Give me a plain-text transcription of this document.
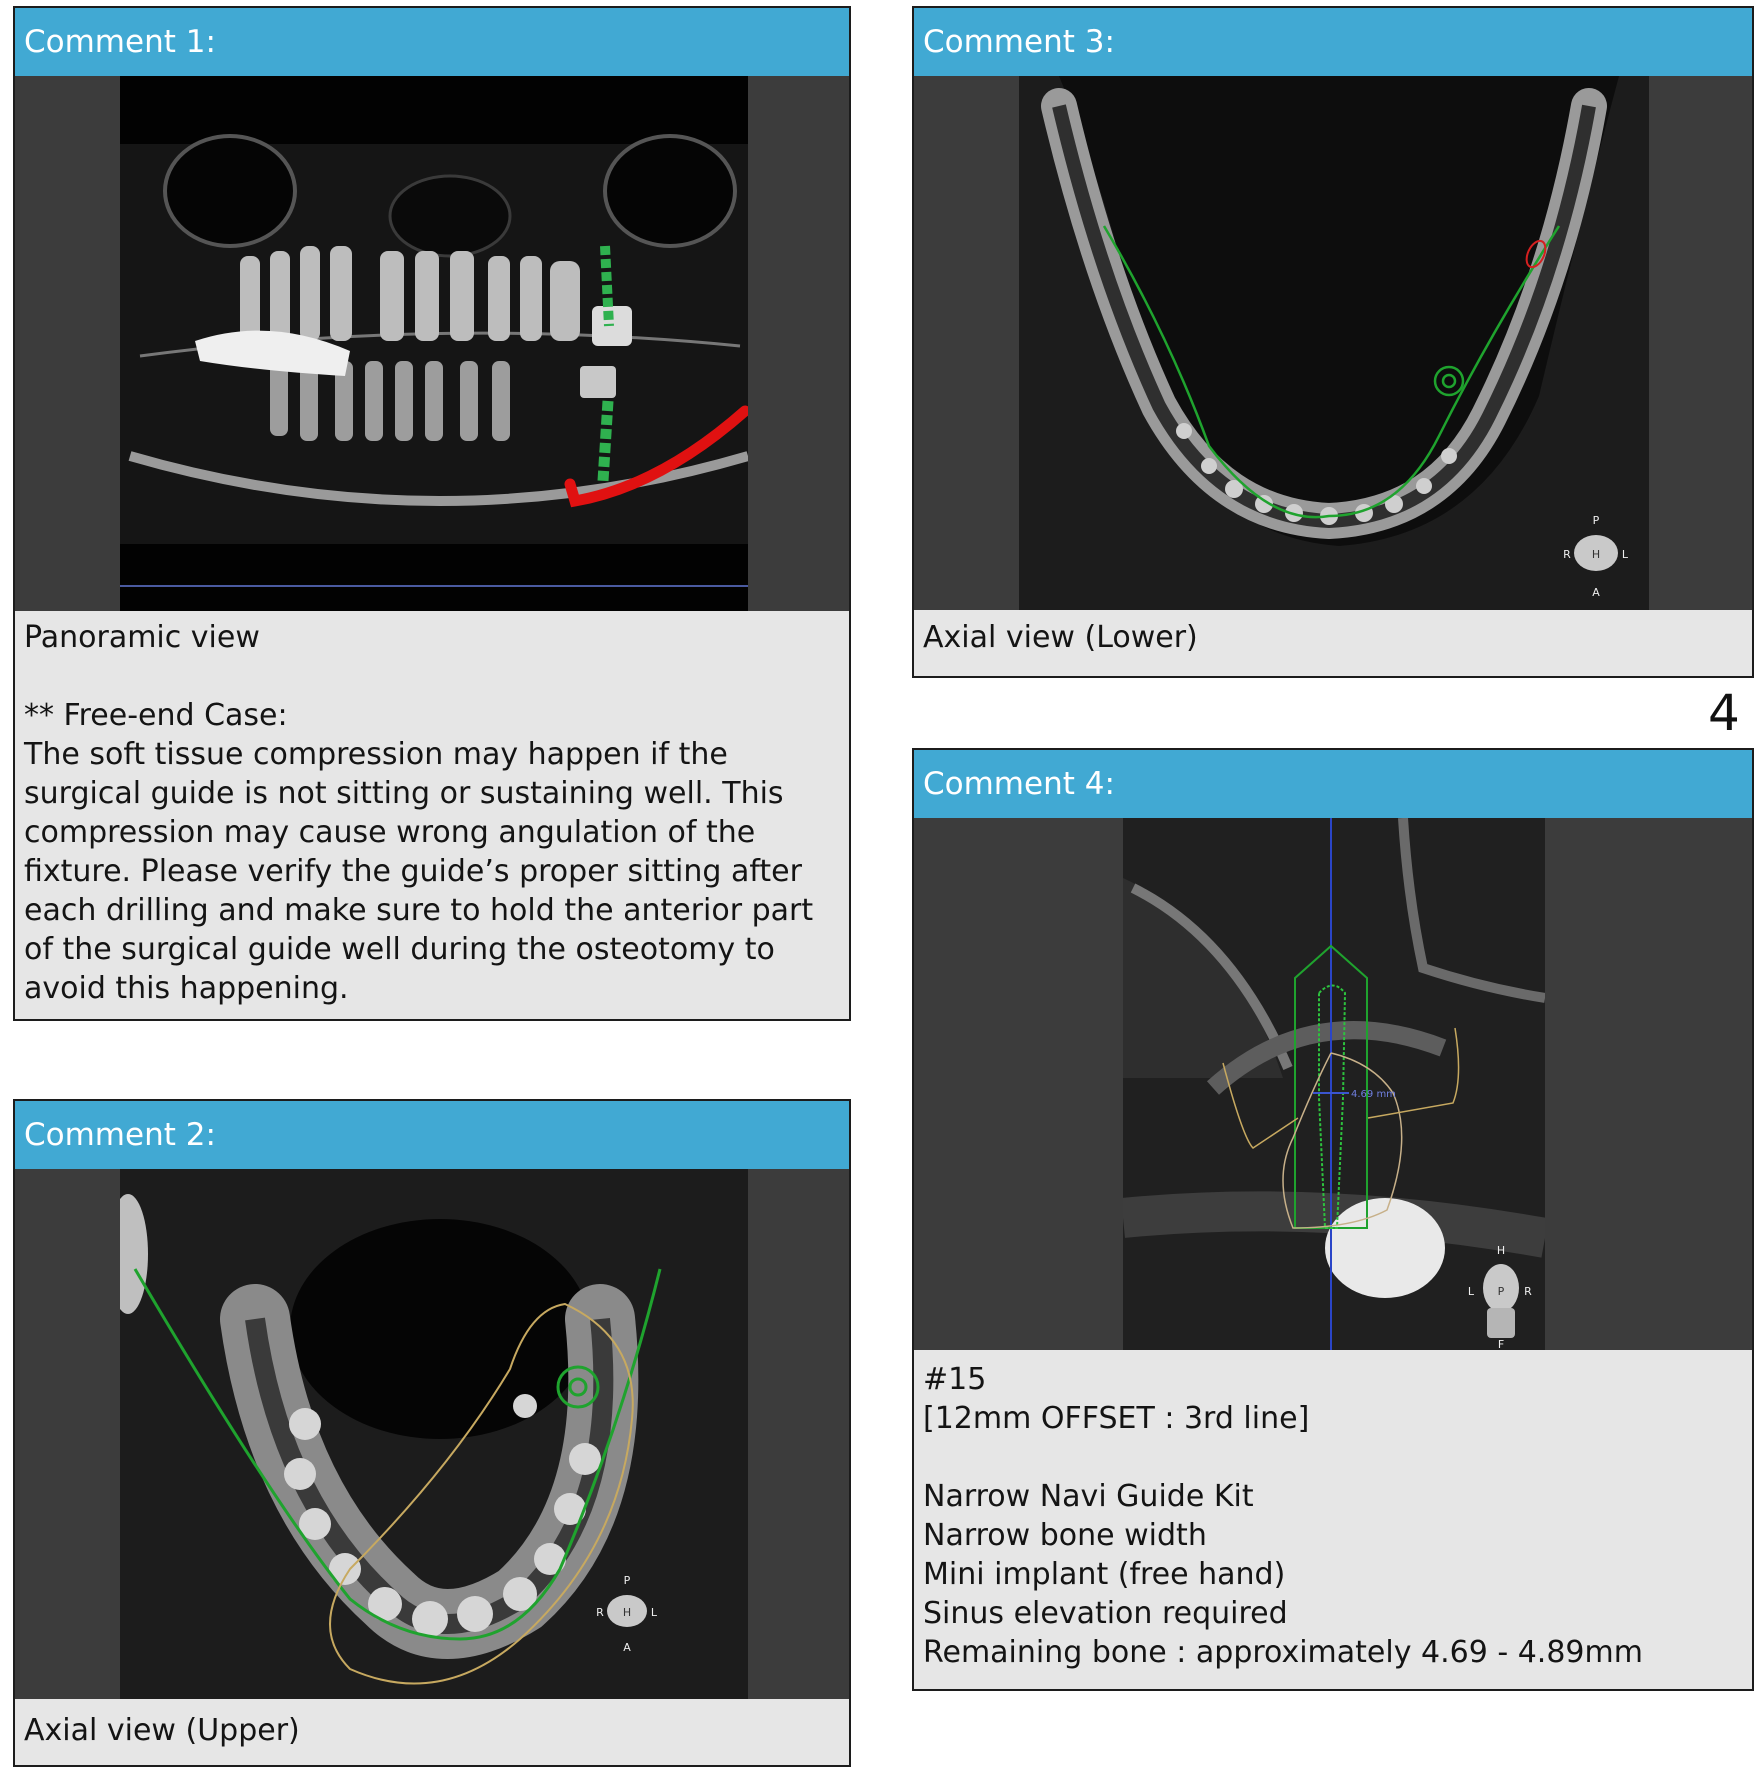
Comment 1:

Panoramic view

** Free-end Case:

The soft tissue compression may happen if the surgical guide is not sitting or sustaining well. This compression may cause wrong angulation of the fixture. Please verify the guide’s proper sitting after each drilling and make sure to hold the anterior part of the surgical guide well during the osteotomy to avoid this happening.

Comment 2:
P
R H L
A

Axial view (Upper)

Comment 3:
P
R H L
A

Axial view (Lower)

4
Comment 4:
4.69 mm
H
L P R
F

#15

[12mm OFFSET : 3rd line]

Narrow Navi Guide Kit

Narrow bone width

Mini implant (free hand)

Sinus elevation required

Remaining bone : approximately 4.69 - 4.89mm
